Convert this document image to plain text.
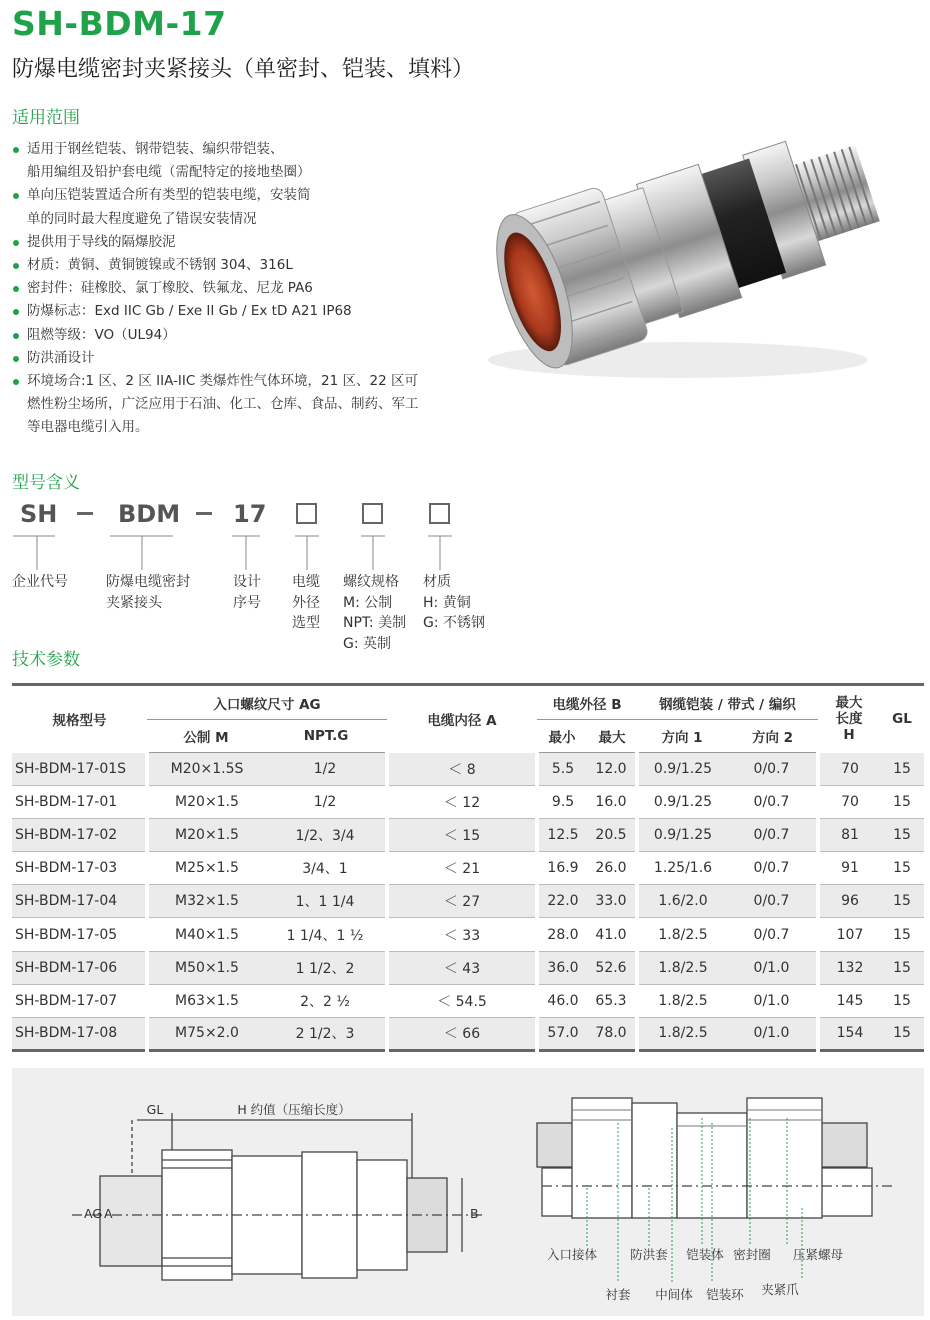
SH-BDM-17
防爆电缆密封夹紧接头（单密封、铠装、填料）
适用范围
适用于钢丝铠装、钢带铠装、编织带铠装、
船用编组及铅护套电缆（需配特定的接地垫圈）
单向压铠装置适合所有类型的铠装电缆，安装简
单的同时最大程度避免了错误安装情况
提供用于导线的隔爆胶泥
材质：黄铜、黄铜镀镍或不锈钢 304、316L
密封件：硅橡胶、氯丁橡胶、铁氟龙、尼龙 PA6
防爆标志：Exd IIC Gb / Exe II Gb / Ex tD A21 IP68
阻燃等级：VO（UL94）
防洪涌设计
环境场合:1 区、2 区 IIA-IIC 类爆炸性气体环境，21 区、22 区可
燃性粉尘场所，广泛应用于石油、化工、仓库、食品、制药、军工
等电器电缆引入用。
型号含义
SH	BDM 17
企业代号	防爆电缆密封
夹紧接头
设计
序号
电缆
外径
选型
螺纹规格
M: 公制
NPT: 美制
G: 英制
材质
H: 黄铜
G: 不锈钢
技术参数
规格型号	入口螺纹尺寸 AG		电缆内径 A	电缆外径 B		钢缆铠装 / 带式 / 编织		最大
长度
H	GL
	公制 M	NPT.G		最小	最大	方向 1	方向 2		
SH-BDM-17-01S	M20×1.5S	1/2	＜ 8	5.5	12.0	0.9/1.25	0/0.7	70	15
SH-BDM-17-01	M20×1.5	1/2	＜ 12	9.5	16.0	0.9/1.25	0/0.7	70	15
SH-BDM-17-02	M20×1.5	1/2、3/4	＜ 15	12.5	20.5	0.9/1.25	0/0.7	81	15
SH-BDM-17-03	M25×1.5	3/4、1	＜ 21	16.9	26.0	1.25/1.6	0/0.7	91	15
SH-BDM-17-04	M32×1.5	1、1 1/4	＜ 27	22.0	33.0	1.6/2.0	0/0.7	96	15
SH-BDM-17-05	M40×1.5	1 1/4、1 ½	＜ 33	28.0	41.0	1.8/2.5	0/0.7	107	15
SH-BDM-17-06	M50×1.5	1 1/2、2	＜ 43	36.0	52.6	1.8/2.5	0/1.0	132	15
SH-BDM-17-07	M63×1.5	2、2 ½	＜ 54.5	46.0	65.3	1.8/2.5	0/1.0	145	15
SH-BDM-17-08	M75×2.0	2 1/2、3	＜ 66	57.0	78.0	1.8/2.5	0/1.0	154	15
GL	H 约值（压缩长度）
AG A	B
入口接体	防洪套 铠装体 密封圈 压紧螺母
衬套 中间体 铠装环 夹紧爪
